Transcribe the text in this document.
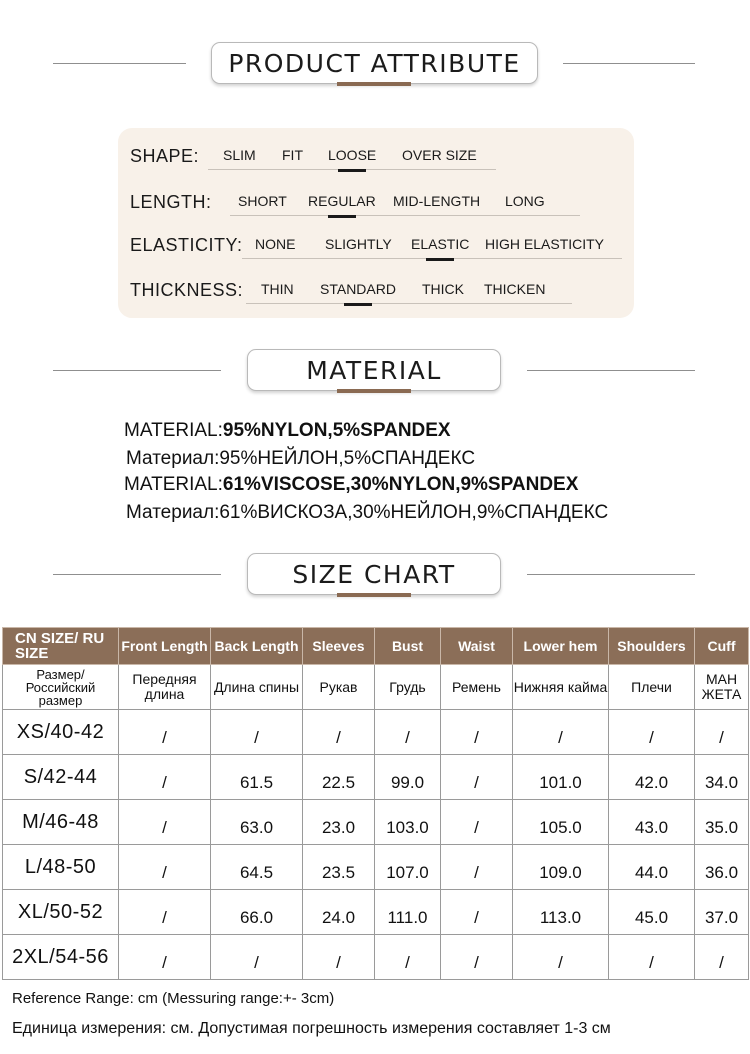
PRODUCT ATTRIBUTE
SHAPE: SLIM FIT LOOSE OVER SIZE
LENGTH: SHORT REGULAR MID-LENGTH LONG
ELASTICITY: NONE SLIGHTLY ELASTIC HIGH ELASTICITY
THICKNESS: THIN STANDARD THICK THICKEN
MATERIAL
MATERIAL:95%NYLON,5%SPANDEX
Материал:95%НЕЙЛОН,5%СПАНДЕКС
MATERIAL:61%VISCOSE,30%NYLON,9%SPANDEX
Материал:61%ВИСКОЗА,30%НЕЙЛОН,9%СПАНДЕКС
SIZE CHART
CN SIZE/ RU SIZE	Front Length	Back Length	Sleeves	Bust	Waist	Lower hem	Shoulders	Cuff
Размер/ Российский размер	Передняя длина	Длина спины	Рукав	Грудь	Ремень	Нижняя кайма	Плечи	МАН ЖЕТА
XS/40-42	/	/	/	/	/	/	/	/
S/42-44	/	61.5	22.5	99.0	/	101.0	42.0	34.0
M/46-48	/	63.0	23.0	103.0	/	105.0	43.0	35.0
L/48-50	/	64.5	23.5	107.0	/	109.0	44.0	36.0
XL/50-52	/	66.0	24.0	111.0	/	113.0	45.0	37.0
2XL/54-56	/	/	/	/	/	/	/	/
Reference Range: cm (Messuring range:+- 3cm)
Единица измерения: см. Допустимая погрешность измерения составляет 1-3 см
